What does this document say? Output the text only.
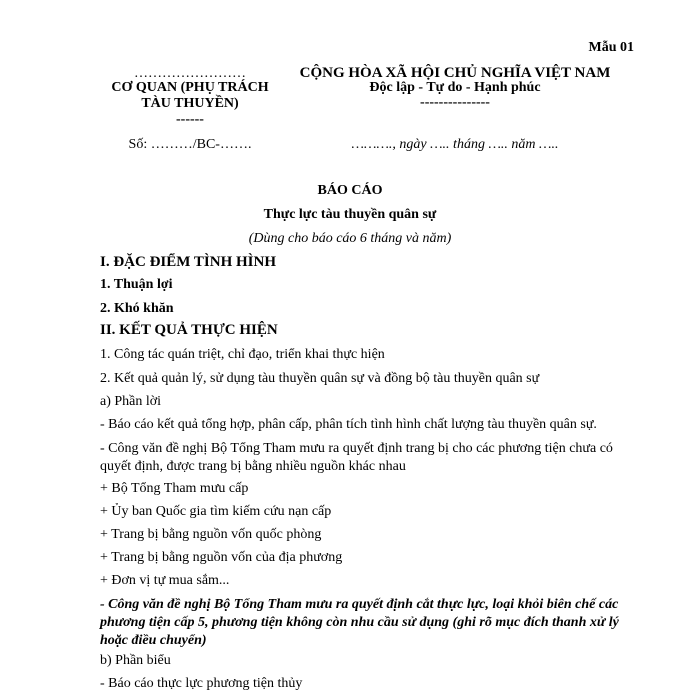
Mẫu 01
……………………
CƠ QUAN (PHỤ TRÁCH
TÀU THUYỀN)
------
Số: ………/BC-…….
CỘNG HÒA XÃ HỘI CHỦ NGHĨA VIỆT NAM
Độc lập - Tự do - Hạnh phúc
---------------
………., ngày ….. tháng ….. năm …..
BÁO CÁO
Thực lực tàu thuyền quân sự
(Dùng cho báo cáo 6 tháng và năm)
I. ĐẶC ĐIỂM TÌNH HÌNH
1. Thuận lợi
2. Khó khăn
II. KẾT QUẢ THỰC HIỆN
1. Công tác quán triệt, chỉ đạo, triển khai thực hiện
2. Kết quả quản lý, sử dụng tàu thuyền quân sự và đồng bộ tàu thuyền quân sự
a) Phần lời
- Báo cáo kết quả tổng hợp, phân cấp, phân tích tình hình chất lượng tàu thuyền quân sự.
- Công văn đề nghị Bộ Tổng Tham mưu ra quyết định trang bị cho các phương tiện chưa có quyết định, được trang bị bằng nhiều nguồn khác nhau
+ Bộ Tổng Tham mưu cấp
+ Ủy ban Quốc gia tìm kiếm cứu nạn cấp
+ Trang bị bằng nguồn vốn quốc phòng
+ Trang bị bằng nguồn vốn của địa phương
+ Đơn vị tự mua sắm...
- Công văn đề nghị Bộ Tổng Tham mưu ra quyết định cắt thực lực, loại khỏi biên chế các phương tiện cấp 5, phương tiện không còn nhu cầu sử dụng (ghi rõ mục đích thanh xử lý hoặc điều chuyển)
b) Phần biểu
- Báo cáo thực lực phương tiện thủy
